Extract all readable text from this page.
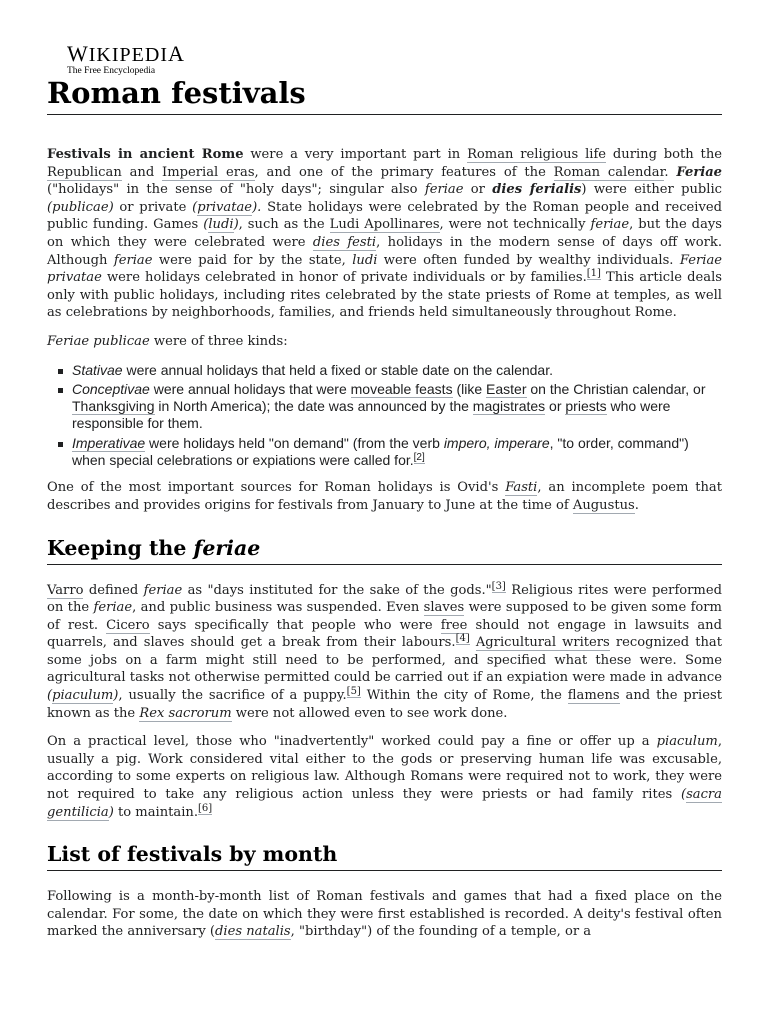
WIKIPEDIA
The Free Encyclopedia
Roman festivals

Festivals in ancient Rome were a very important part in Roman religious life during both the Republican and Imperial eras, and one of the primary features of the Roman calendar. Feriae ("holidays" in the sense of "holy days"; singular also feriae or dies ferialis) were either public (publicae) or private (privatae). State holidays were celebrated by the Roman people and received public funding. Games (ludi), such as the Ludi Apollinares, were not technically feriae, but the days on which they were celebrated were dies festi, holidays in the modern sense of days off work. Although feriae were paid for by the state, ludi were often funded by wealthy individuals. Feriae privatae were holidays celebrated in honor of private individuals or by families.[1] This article deals only with public holidays, including rites celebrated by the state priests of Rome at temples, as well as celebrations by neighborhoods, families, and friends held simultaneously throughout Rome.

Feriae publicae were of three kinds:

Stativae were annual holidays that held a fixed or stable date on the calendar.
Conceptivae were annual holidays that were moveable feasts (like Easter on the Christian calendar, or Thanksgiving in North America); the date was announced by the magistrates or priests who were responsible for them.
Imperativae were holidays held "on demand" (from the verb impero, imperare, "to order, command") when special celebrations or expiations were called for.[2]

One of the most important sources for Roman holidays is Ovid's Fasti, an incomplete poem that describes and provides origins for festivals from January to June at the time of Augustus.

Keeping the feriae

Varro defined feriae as "days instituted for the sake of the gods."[3] Religious rites were performed on the feriae, and public business was suspended. Even slaves were supposed to be given some form of rest. Cicero says specifically that people who were free should not engage in lawsuits and quarrels, and slaves should get a break from their labours.[4] Agricultural writers recognized that some jobs on a farm might still need to be performed, and specified what these were. Some agricultural tasks not otherwise permitted could be carried out if an expiation were made in advance (piaculum), usually the sacrifice of a puppy.[5] Within the city of Rome, the flamens and the priest known as the Rex sacrorum were not allowed even to see work done.

On a practical level, those who "inadvertently" worked could pay a fine or offer up a piaculum, usually a pig. Work considered vital either to the gods or preserving human life was excusable, according to some experts on religious law. Although Romans were required not to work, they were not required to take any religious action unless they were priests or had family rites (sacra gentilicia) to maintain.[6]

List of festivals by month

Following is a month-by-month list of Roman festivals and games that had a fixed place on the calendar. For some, the date on which they were first established is recorded. A deity's festival often marked the anniversary (dies natalis, "birthday") of the founding of a temple, or a
